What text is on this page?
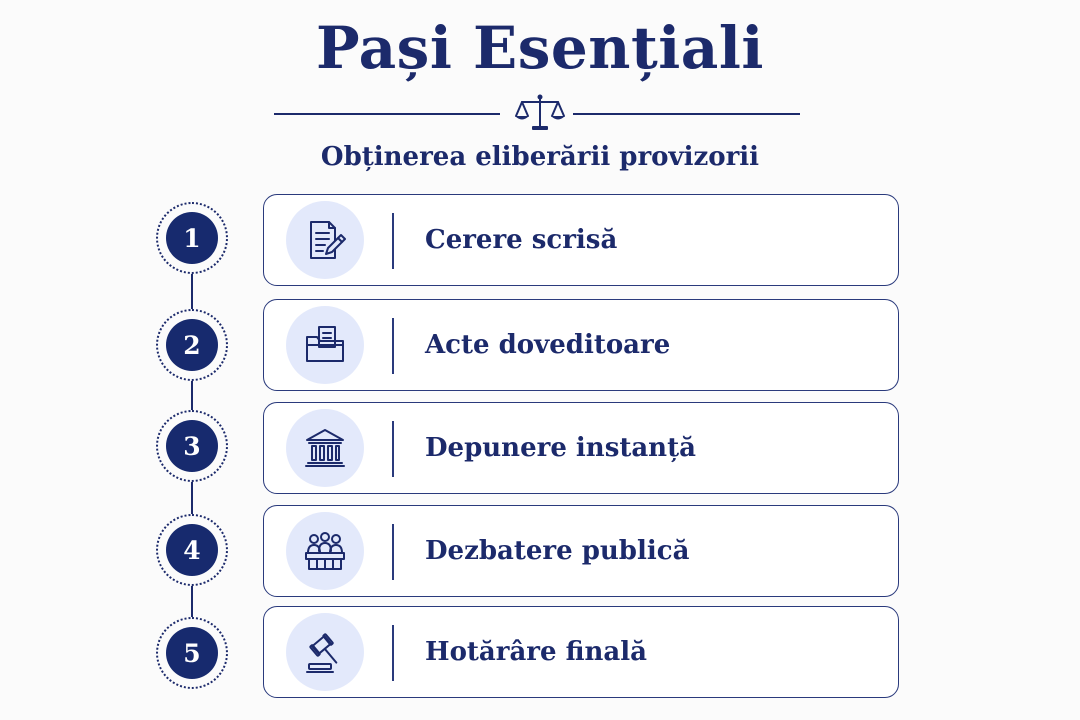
Pași Esențiali
Obținerea eliberării provizorii
1	Cerere scrisă
2	Acte doveditoare
3	Depunere instanță
4	Dezbatere publică
5	Hotărâre finală
